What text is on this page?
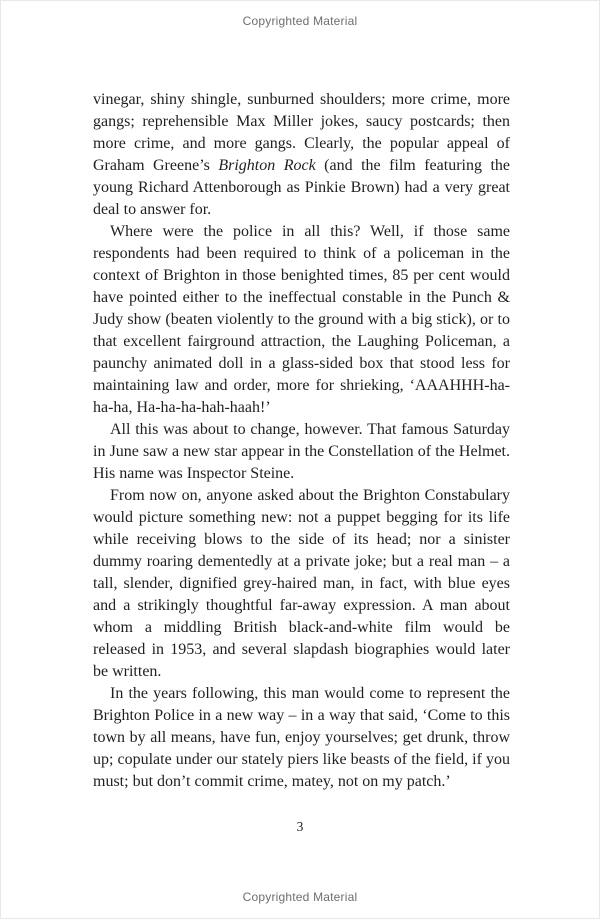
Copyrighted Material

vinegar, shiny shingle, sunburned shoulders; more crime, more gangs; reprehensible Max Miller jokes, saucy postcards; then more crime, and more gangs. Clearly, the popular appeal of Graham Greene’s Brighton Rock (and the film featuring the young Richard Attenborough as Pinkie Brown) had a very great deal to answer for.

Where were the police in all this? Well, if those same respondents had been required to think of a policeman in the context of Brighton in those benighted times, 85 per cent would have pointed either to the ineffectual constable in the Punch & Judy show (beaten violently to the ground with a big stick), or to that excellent fairground attraction, the Laughing Policeman, a paunchy animated doll in a glass-sided box that stood less for maintaining law and order, more for shrieking, ‘AAAHHH-ha-ha-ha, Ha-ha-ha-hah-haah!’

All this was about to change, however. That famous Saturday in June saw a new star appear in the Constellation of the Helmet. His name was Inspector Steine.

From now on, anyone asked about the Brighton Constabulary would picture something new: not a puppet begging for its life while receiving blows to the side of its head; nor a sinister dummy roaring dementedly at a private joke; but a real man – a tall, slender, dignified grey-haired man, in fact, with blue eyes and a strikingly thoughtful far-away expression. A man about whom a middling British black-and-white film would be released in 1953, and several slapdash biographies would later be written.

In the years following, this man would come to represent the Brighton Police in a new way – in a way that said, ‘Come to this town by all means, have fun, enjoy yourselves; get drunk, throw up; copulate under our stately piers like beasts of the field, if you must; but don’t commit crime, matey, not on my patch.’

3
Copyrighted Material
